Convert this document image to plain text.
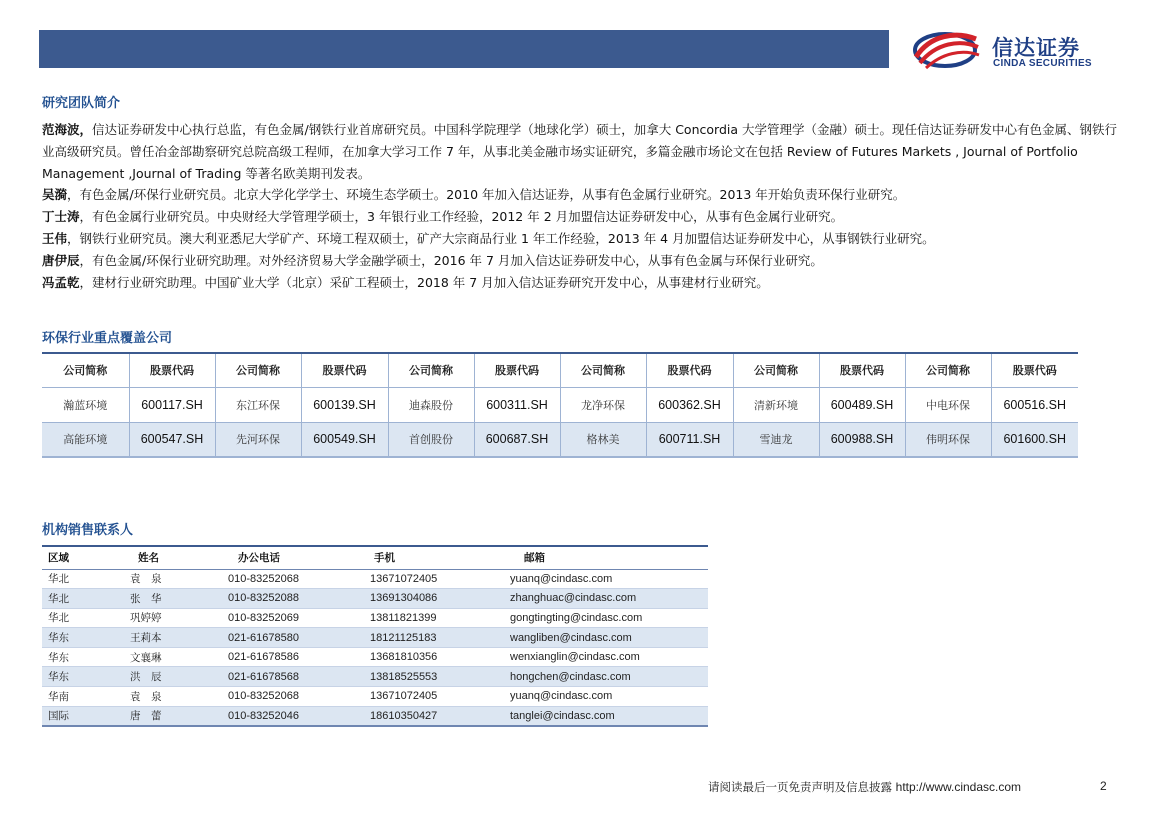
信达证券
CINDA SECURITIES
研究团队简介

范海波，信达证券研发中心执行总监，有色金属/钢铁行业首席研究员。中国科学院理学（地球化学）硕士，加拿大 Concordia 大学管理学（金融）硕士。现任信达证券研发中心有色金属、钢铁行业高级研究员。曾任冶金部勘察研究总院高级工程师，在加拿大学习工作 7 年，从事北美金融市场实证研究，多篇金融市场论文在包括 Review of Futures Markets , Journal of Portfolio Management ,Journal of Trading 等著名欧美期刊发表。

吴漪，有色金属/环保行业研究员。北京大学化学学士、环境生态学硕士。2010 年加入信达证券，从事有色金属行业研究。2013 年开始负责环保行业研究。

丁士涛，有色金属行业研究员。中央财经大学管理学硕士，3 年银行业工作经验，2012 年 2 月加盟信达证券研发中心，从事有色金属行业研究。

王伟，钢铁行业研究员。澳大利亚悉尼大学矿产、环境工程双硕士，矿产大宗商品行业 1 年工作经验，2013 年 4 月加盟信达证券研发中心，从事钢铁行业研究。

唐伊辰，有色金属/环保行业研究助理。对外经济贸易大学金融学硕士，2016 年 7 月加入信达证券研发中心，从事有色金属与环保行业研究。

冯孟乾，建材行业研究助理。中国矿业大学（北京）采矿工程硕士，2018 年 7 月加入信达证券研究开发中心，从事建材行业研究。

环保行业重点覆盖公司
公司简称	股票代码	公司简称	股票代码	公司简称	股票代码	公司简称	股票代码	公司简称	股票代码	公司简称	股票代码
瀚蓝环境	600117.SH	东江环保	600139.SH	迪森股份	600311.SH	龙净环保	600362.SH	清新环境	600489.SH	中电环保	600516.SH
高能环境	600547.SH	先河环保	600549.SH	首创股份	600687.SH	格林美	600711.SH	雪迪龙	600988.SH	伟明环保	601600.SH
机构销售联系人
区域	姓名	办公电话	手机	邮箱
华北	袁　泉	010-83252068	13671072405	yuanq@cindasc.com
华北	张　华	010-83252088	13691304086	zhanghuac@cindasc.com
华北	巩婷婷	010-83252069	13811821399	gongtingting@cindasc.com
华东	王莉本	021-61678580	18121125183	wangliben@cindasc.com
华东	文襄琳	021-61678586	13681810356	wenxianglin@cindasc.com
华东	洪　辰	021-61678568	13818525553	hongchen@cindasc.com
华南	袁　泉	010-83252068	13671072405	yuanq@cindasc.com
国际	唐　蕾	010-83252046	18610350427	tanglei@cindasc.com
请阅读最后一页免责声明及信息披露 http://www.cindasc.com	2
